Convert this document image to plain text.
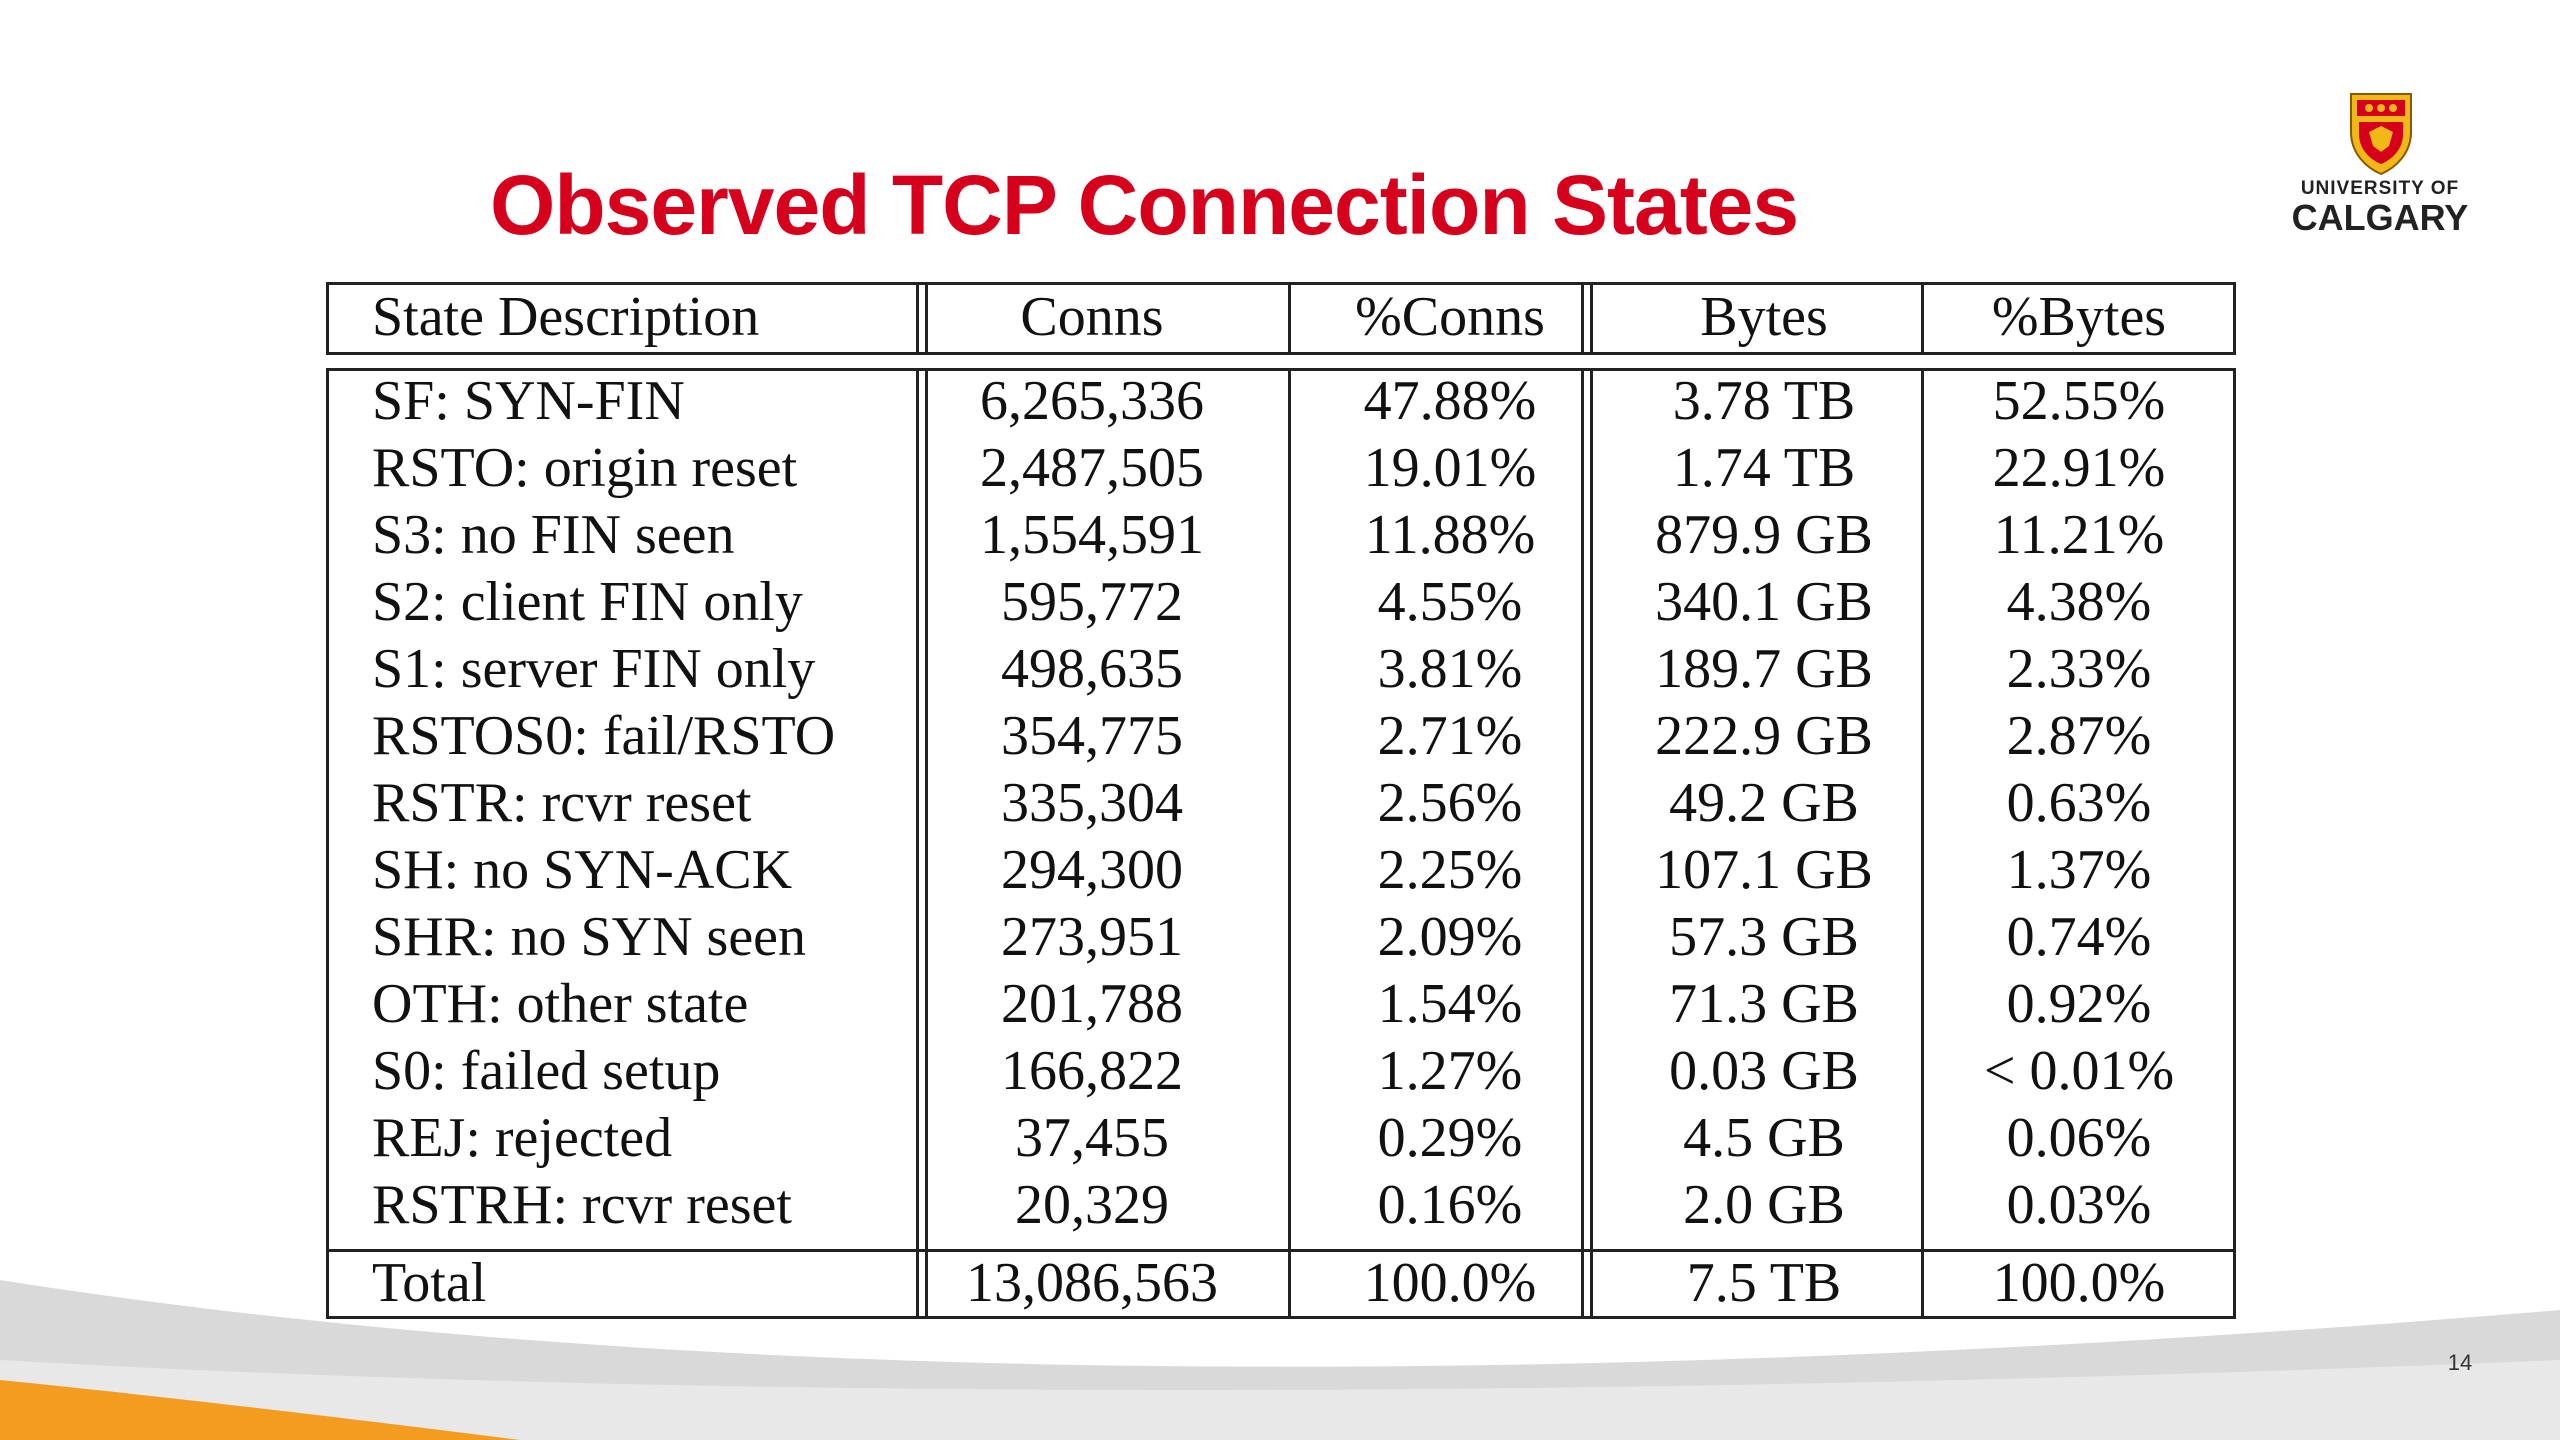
Observed TCP Connection States	UNIVERSITY OF
CALGARY
State Description	Conns	%Conns	Bytes	%Bytes
SF: SYN-FIN	6,265,336	47.88%	3.78 TB	52.55%
RSTO: origin reset	2,487,505	19.01%	1.74 TB	22.91%
S3: no FIN seen	1,554,591	11.88%	879.9 GB	11.21%
S2: client FIN only	595,772	4.55%	340.1 GB	4.38%
S1: server FIN only	498,635	3.81%	189.7 GB	2.33%
RSTOS0: fail/RSTO	354,775	2.71%	222.9 GB	2.87%
RSTR: rcvr reset	335,304	2.56%	49.2 GB	0.63%
SH: no SYN-ACK	294,300	2.25%	107.1 GB	1.37%
SHR: no SYN seen	273,951	2.09%	57.3 GB	0.74%
OTH: other state	201,788	1.54%	71.3 GB	0.92%
S0: failed setup	166,822	1.27%	0.03 GB	< 0.01%
REJ: rejected	37,455	0.29%	4.5 GB	0.06%
RSTRH: rcvr reset	20,329	0.16%	2.0 GB	0.03%
Total	13,086,563	100.0%	7.5 TB	100.0%
14
